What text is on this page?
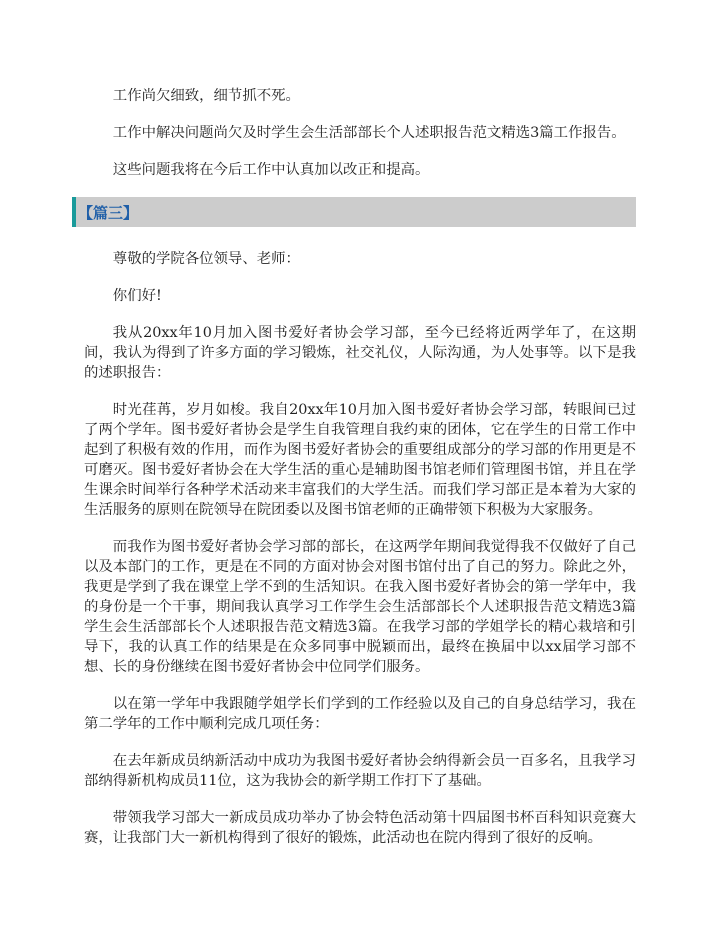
工作尚欠细致，细节抓不死。

工作中解决问题尚欠及时学生会生活部部长个人述职报告范文精选3篇工作报告。

这些问题我将在今后工作中认真加以改正和提高。

【篇三】

尊敬的学院各位领导、老师：

你们好!

我从20xx年10月加入图书爱好者协会学习部，至今已经将近两学年了，在这期间，我认为得到了许多方面的学习锻炼，社交礼仪，人际沟通，为人处事等。以下是我的述职报告：

时光荏苒，岁月如梭。我自20xx年10月加入图书爱好者协会学习部，转眼间已过了两个学年。图书爱好者协会是学生自我管理自我约束的团体，它在学生的日常工作中起到了积极有效的作用，而作为图书爱好者协会的重要组成部分的学习部的作用更是不可磨灭。图书爱好者协会在大学生活的重心是辅助图书馆老师们管理图书馆，并且在学生课余时间举行各种学术活动来丰富我们的大学生活。而我们学习部正是本着为大家的生活服务的原则在院领导在院团委以及图书馆老师的正确带领下积极为大家服务。

而我作为图书爱好者协会学习部的部长，在这两学年期间我觉得我不仅做好了自己以及本部门的工作，更是在不同的方面对协会对图书馆付出了自己的努力。除此之外，我更是学到了我在课堂上学不到的生活知识。在我入图书爱好者协会的第一学年中，我的身份是一个干事，期间我认真学习工作学生会生活部部长个人述职报告范文精选3篇学生会生活部部长个人述职报告范文精选3篇。在我学习部的学姐学长的精心栽培和引导下，我的认真工作的结果是在众多同事中脱颖而出，最终在换届中以xx届学习部不想、长的身份继续在图书爱好者协会中位同学们服务。

以在第一学年中我跟随学姐学长们学到的工作经验以及自己的自身总结学习，我在第二学年的工作中顺利完成几项任务：

在去年新成员纳新活动中成功为我图书爱好者协会纳得新会员一百多名，且我学习部纳得新机构成员11位，这为我协会的新学期工作打下了基础。

带领我学习部大一新成员成功举办了协会特色活动第十四届图书杯百科知识竞赛大赛，让我部门大一新机构得到了很好的锻炼，此活动也在院内得到了很好的反响。
